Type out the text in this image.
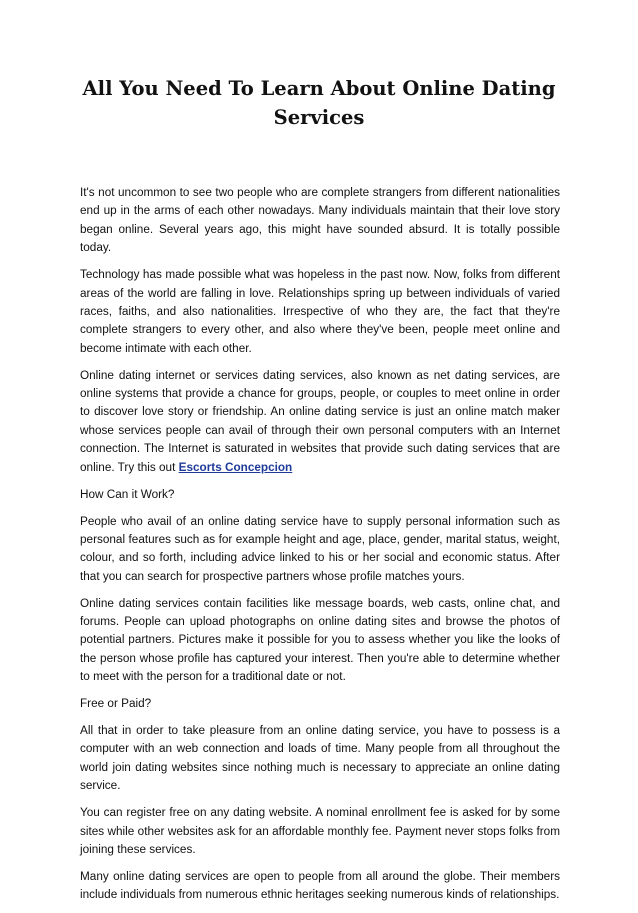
All You Need To Learn About Online Dating Services

It's not uncommon to see two people who are complete strangers from different nationalities end up in the arms of each other nowadays. Many individuals maintain that their love story began online. Several years ago, this might have sounded absurd. It is totally possible today.

Technology has made possible what was hopeless in the past now. Now, folks from different areas of the world are falling in love. Relationships spring up between individuals of varied races, faiths, and also nationalities. Irrespective of who they are, the fact that they're complete strangers to every other, and also where they've been, people meet online and become intimate with each other.

Online dating internet or services dating services, also known as net dating services, are online systems that provide a chance for groups, people, or couples to meet online in order to discover love story or friendship. An online dating service is just an online match maker whose services people can avail of through their own personal computers with an Internet connection. The Internet is saturated in websites that provide such dating services that are online. Try this out Escorts Concepcion

How Can it Work?

People who avail of an online dating service have to supply personal information such as personal features such as for example height and age, place, gender, marital status, weight, colour, and so forth, including advice linked to his or her social and economic status. After that you can search for prospective partners whose profile matches yours.

Online dating services contain facilities like message boards, web casts, online chat, and forums. People can upload photographs on online dating sites and browse the photos of potential partners. Pictures make it possible for you to assess whether you like the looks of the person whose profile has captured your interest. Then you're able to determine whether to meet with the person for a traditional date or not.

Free or Paid?

All that in order to take pleasure from an online dating service, you have to possess is a computer with an web connection and loads of time. Many people from all throughout the world join dating websites since nothing much is necessary to appreciate an online dating service.

You can register free on any dating website. A nominal enrollment fee is asked for by some sites while other websites ask for an affordable monthly fee. Payment never stops folks from joining these services.

Many online dating services are open to people from all around the globe. Their members include individuals from numerous ethnic heritages seeking numerous kinds of relationships.
